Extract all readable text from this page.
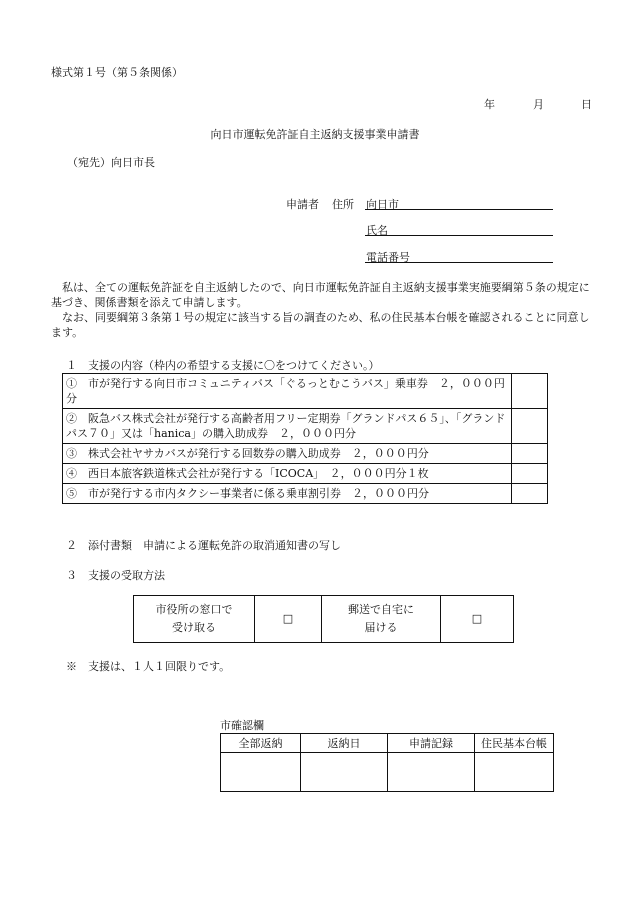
様式第１号（第５条関係）
年	月	日
向日市運転免許証自主返納支援事業申請書
（宛先）向日市長
申請者 住所 向日市
氏名
電話番号
私は、全ての運転免許証を自主返納したので、向日市運転免許証自主返納支援事業実施要綱第５条の規定に基づき、関係書類を添えて申請します。
なお、同要綱第３条第１号の規定に該当する旨の調査のため、私の住民基本台帳を確認されることに同意します。
１　支援の内容（枠内の希望する支援に〇をつけてください。）
①　市が発行する向日市コミュニティバス「ぐるっとむこうバス」乗車券　２，０００円分	

②　阪急バス株式会社が発行する高齢者用フリー定期券「グランドパス６５」、「グランドパス７０」又は「hanica」の購入助成券　２，０００円分	

③　株式会社ヤサカバスが発行する回数券の購入助成券　２，０００円分	

④　西日本旅客鉄道株式会社が発行する「ICOCA」　２，０００円分１枚	

⑤　市が発行する市内タクシー事業者に係る乗車割引券　２，０００円分	

２　添付書類　申請による運転免許の取消通知書の写し
３　支援の受取方法
市役所の窓口で
受け取る
	□	
郵送で自宅に
届ける
	□
※　支援は、１人１回限りです。
市確認欄
全部返納	返納日	申請記録	住民基本台帳
